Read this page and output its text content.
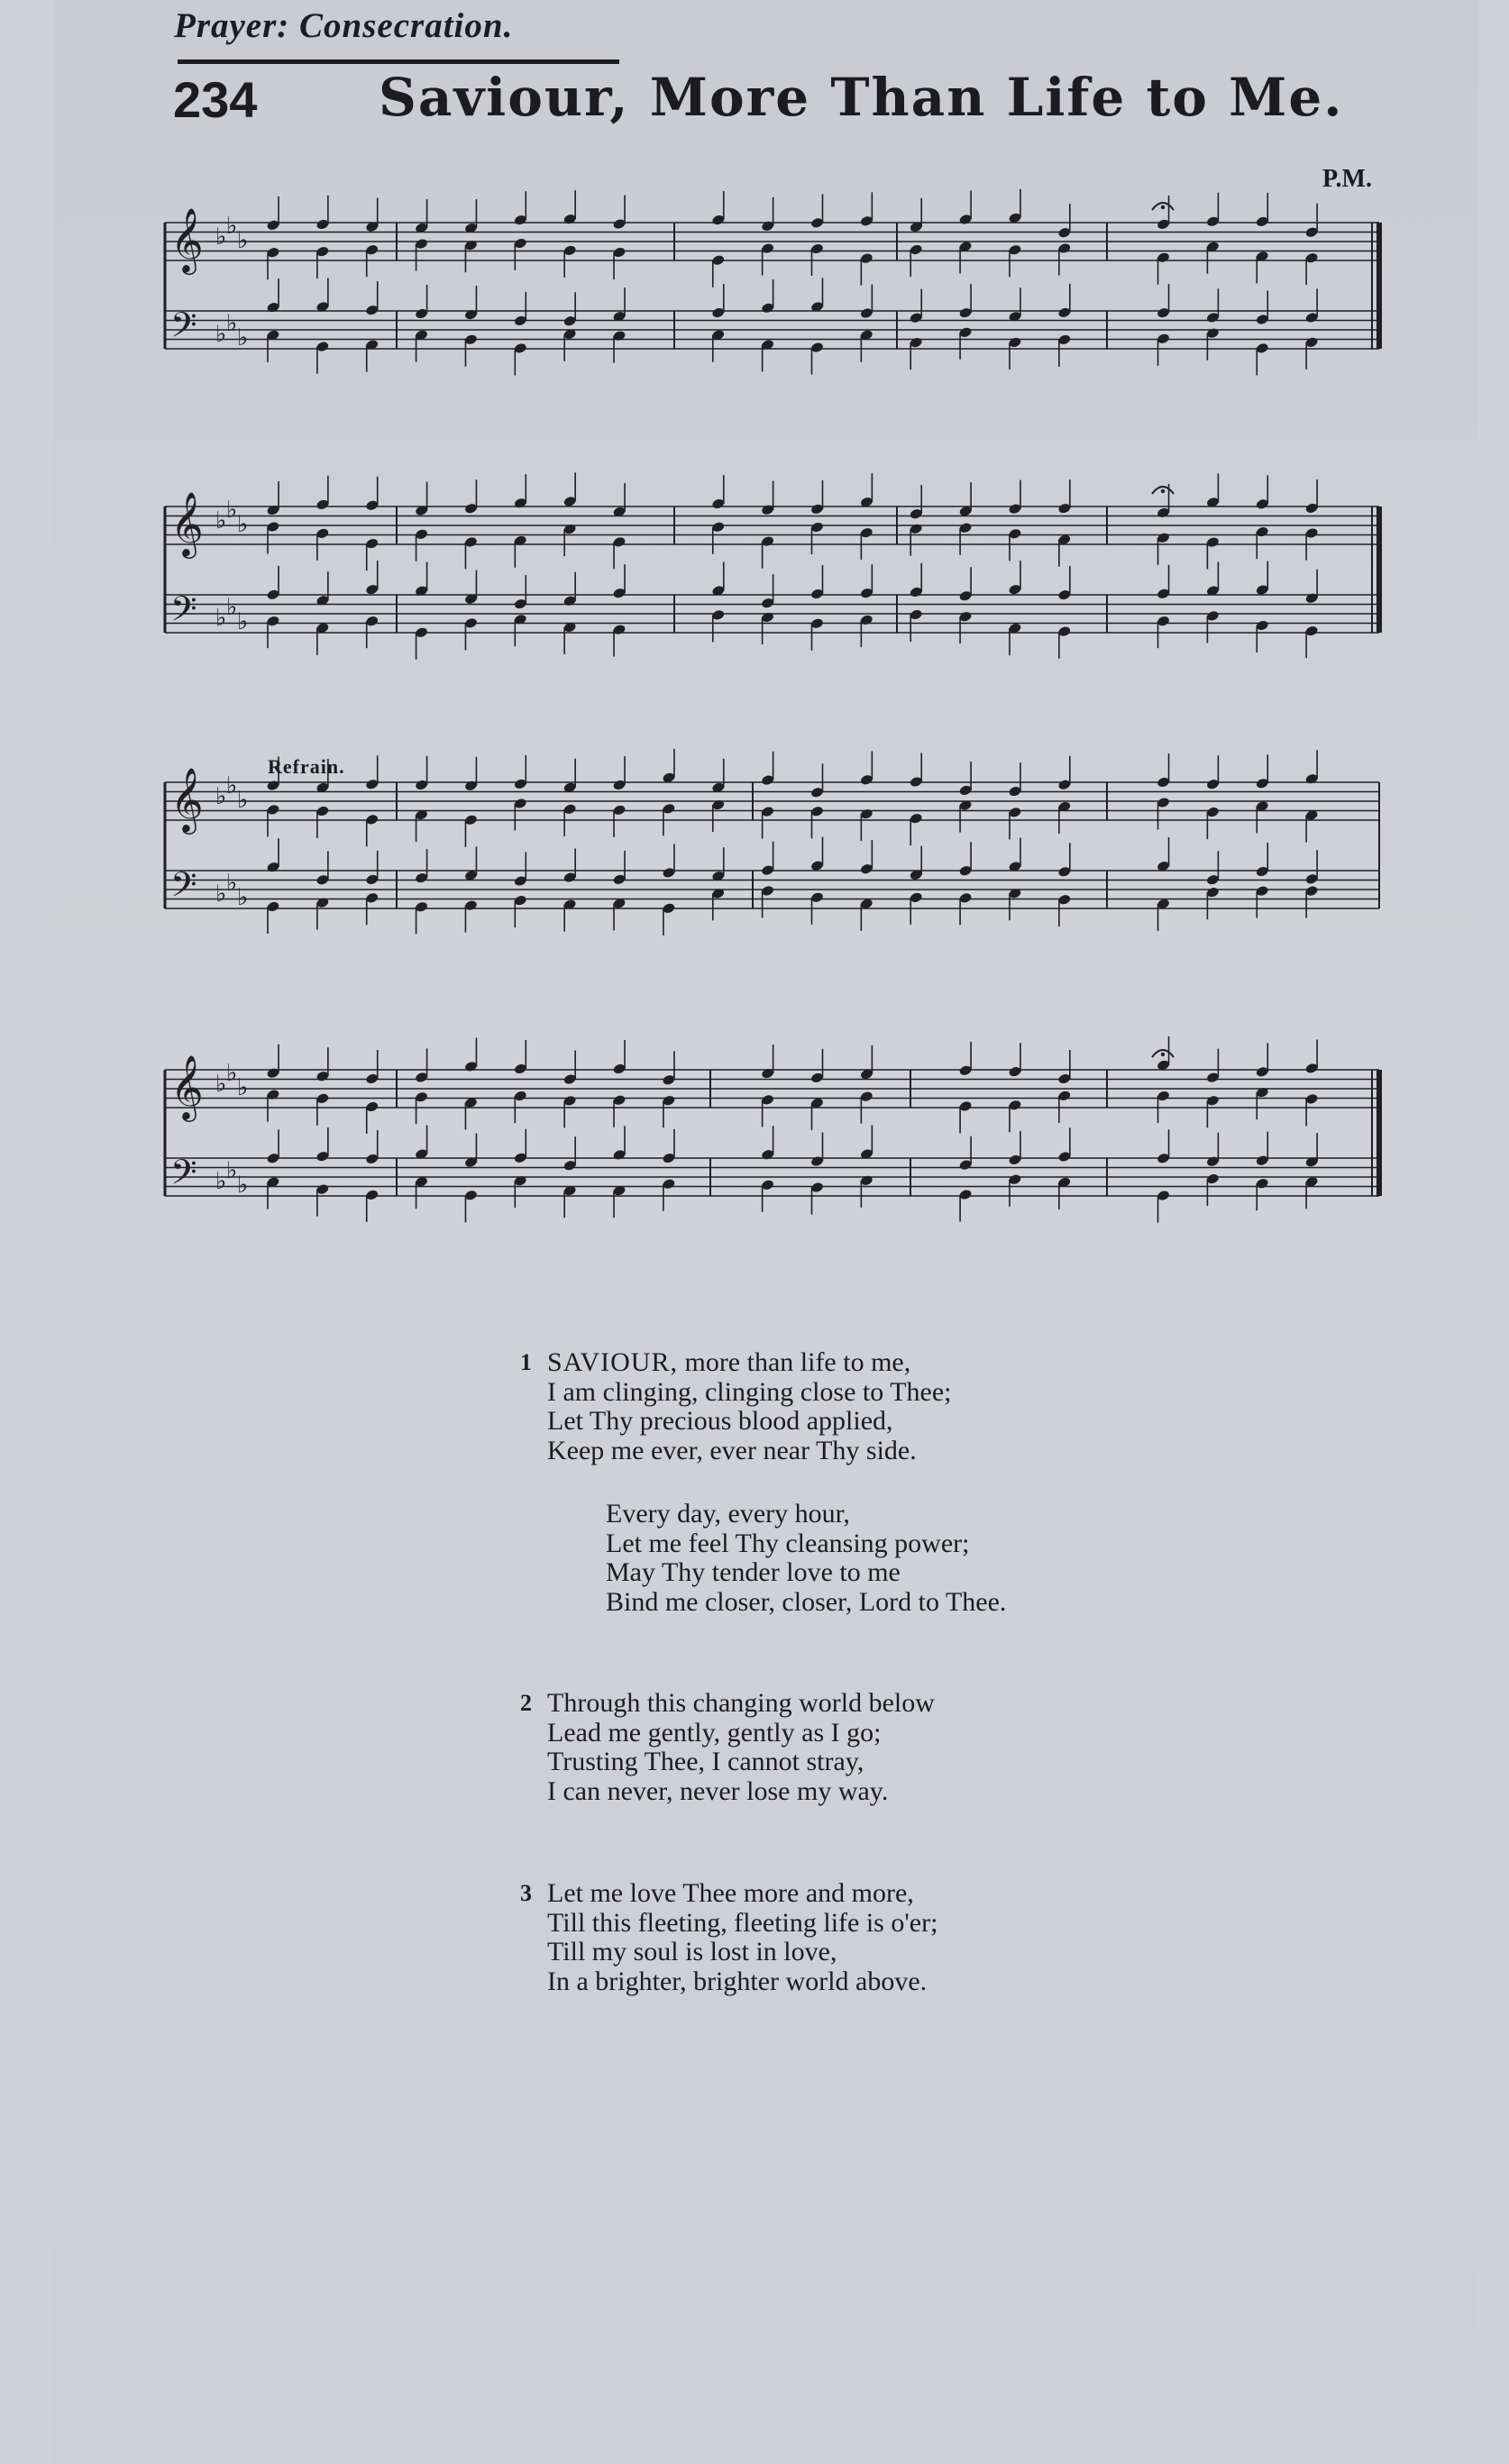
Prayer: Consecration.
234 Saviour, More Than Life to Me.
P.M.
Refrain.
𝄞
𝄢
♭ ♭
♭
♭ ♭
♭
𝄞
𝄢
♭ ♭
♭
♭ ♭
♭
𝄞
𝄢
♭ ♭
♭
♭ ♭
♭
𝄞
𝄢
♭ ♭
♭
♭ ♭
♭
1 SAVIOUR, more than life to me,
I am clinging, clinging close to Thee;
Let Thy precious blood applied,
Keep me ever, ever near Thy side.
Every day, every hour,
Let me feel Thy cleansing power;
May Thy tender love to me
Bind me closer, closer, Lord to Thee.
2 Through this changing world below
Lead me gently, gently as I go;
Trusting Thee, I cannot stray,
I can never, never lose my way.
3 Let me love Thee more and more,
Till this fleeting, fleeting life is o'er;
Till my soul is lost in love,
In a brighter, brighter world above.
